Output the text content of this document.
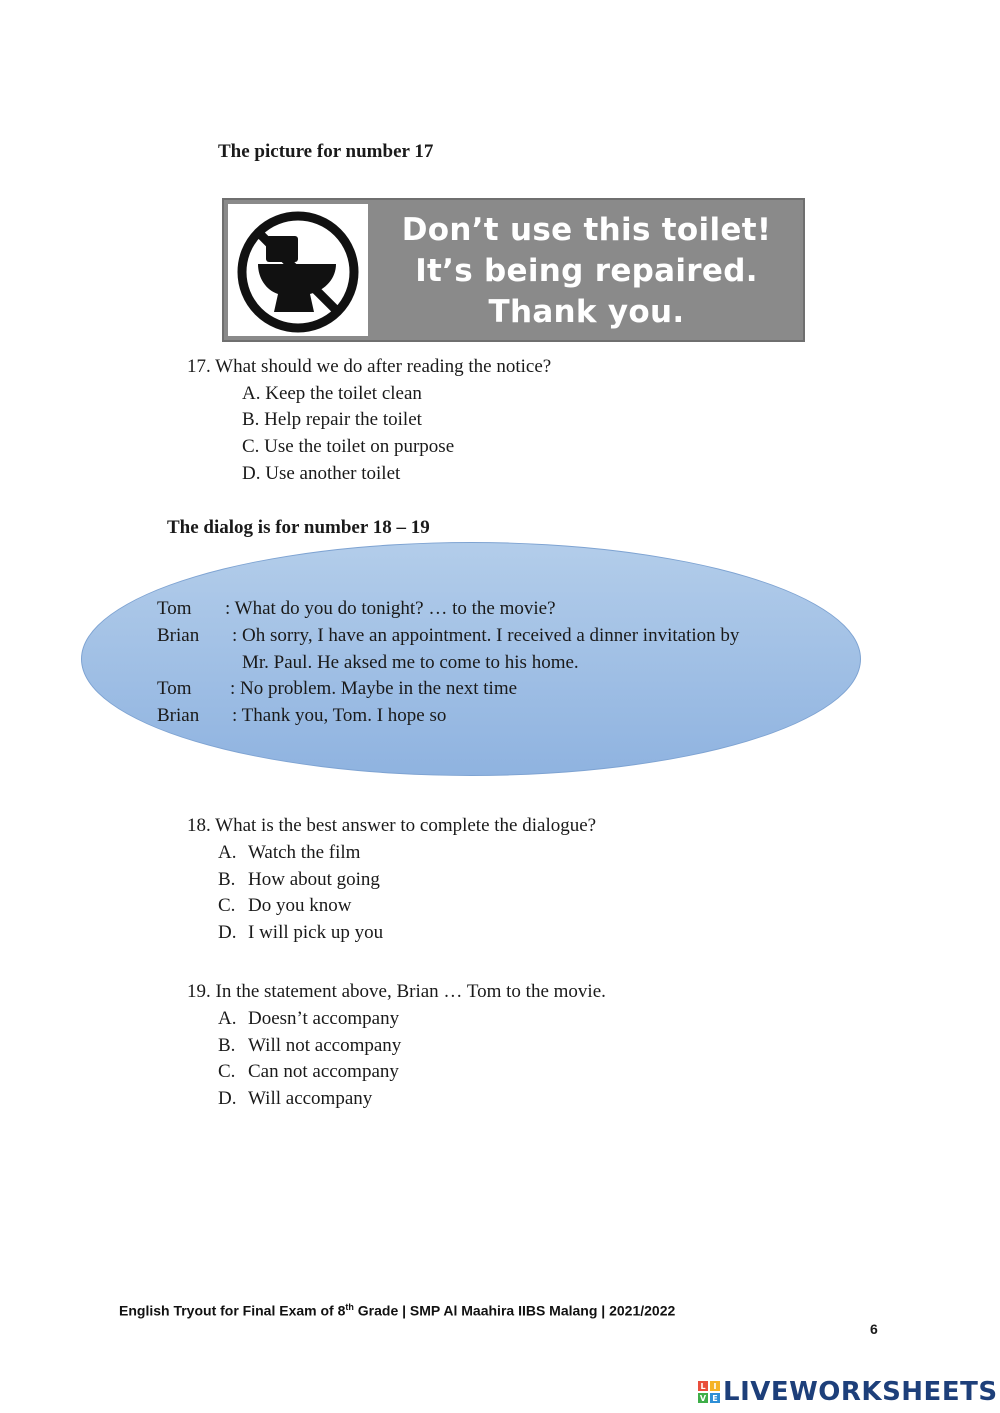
The picture for number 17
Don’t use this toilet!
It’s being repaired.
Thank you.
17. What should we do after reading the notice?
A. Keep the toilet clean
B. Help repair the toilet
C. Use the toilet on purpose
D. Use another toilet
The dialog is for number 18 – 19
Tom : What do you do tonight? … to the movie?
Brian : Oh sorry, I have an appointment. I received a dinner invitation by
Mr. Paul. He aksed me to come to his home.
Tom : No problem. Maybe in the next time
Brian : Thank you, Tom. I hope so
18. What is the best answer to complete the dialogue?
A. Watch the film
B. How about going
C. Do you know
D. I will pick up you
19. In the statement above, Brian … Tom to the movie.
A. Doesn’t accompany
B. Will not accompany
C. Can not accompany
D. Will accompany
English Tryout for Final Exam of 8th Grade | SMP Al Maahira IIBS Malang | 2021/2022
6
L I
V E LIVEWORKSHEETS
